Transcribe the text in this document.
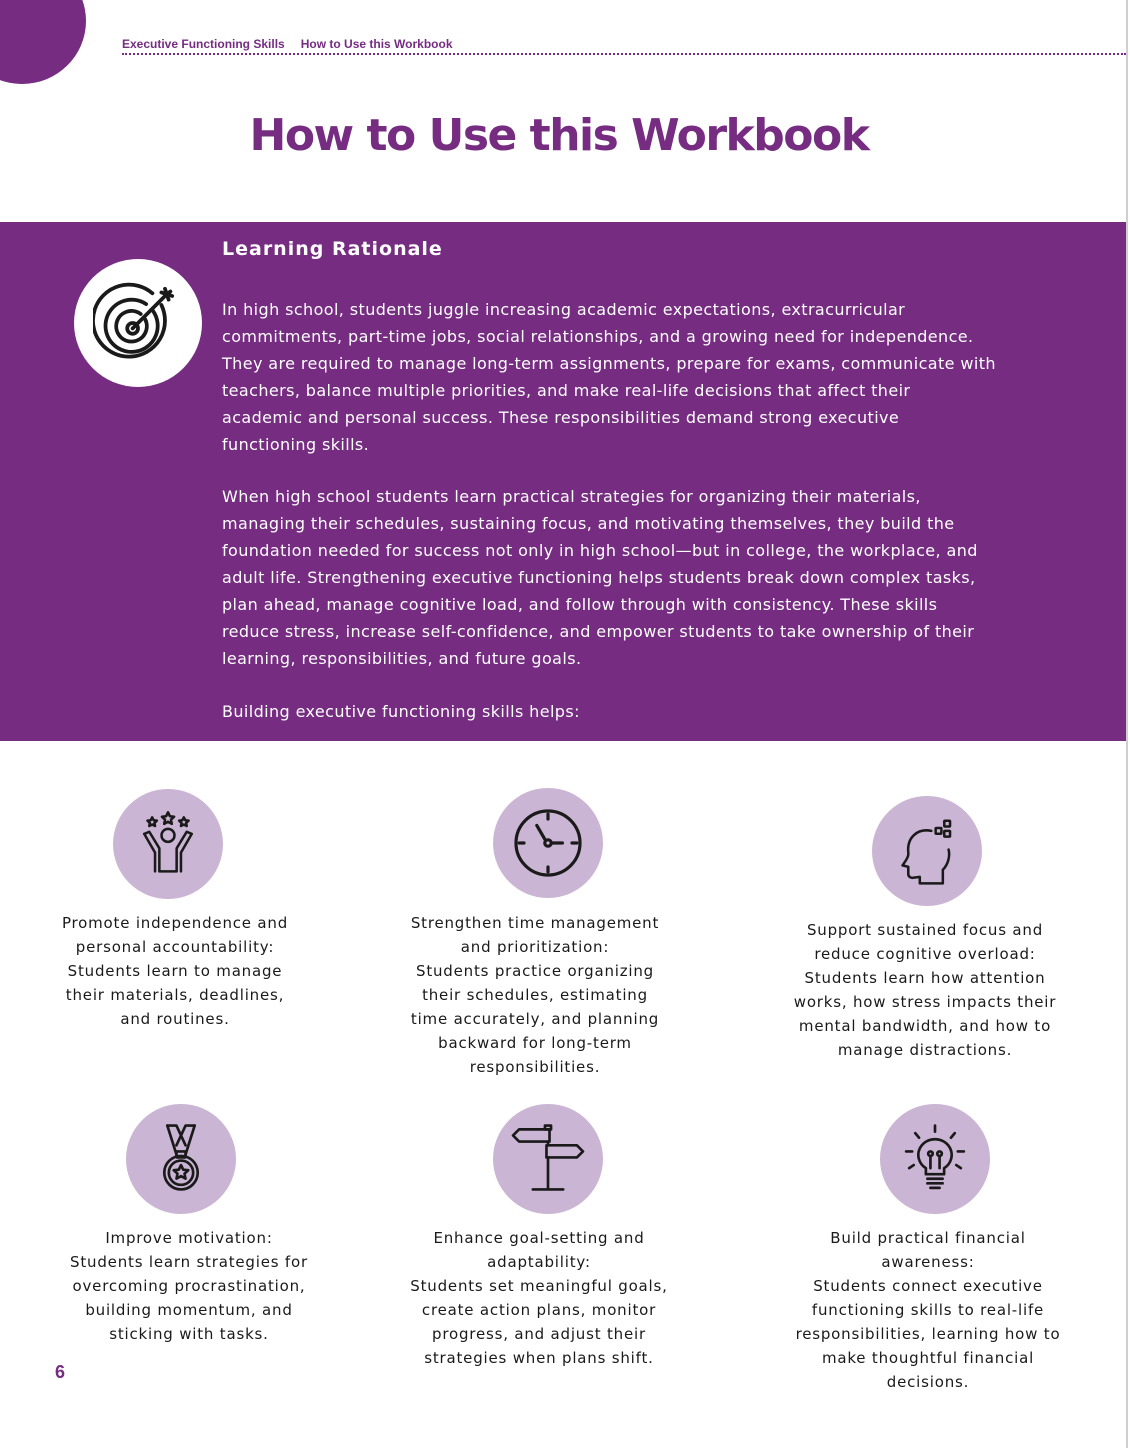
Executive Functioning Skills How to Use this Workbook
How to Use this Workbook
Learning Rationale
In high school, students juggle increasing academic expectations, extracurricular
commitments, part-time jobs, social relationships, and a growing need for independence.
They are required to manage long-term assignments, prepare for exams, communicate with
teachers, balance multiple priorities, and make real-life decisions that affect their
academic and personal success. These responsibilities demand strong executive
functioning skills.
When high school students learn practical strategies for organizing their materials,
managing their schedules, sustaining focus, and motivating themselves, they build the
foundation needed for success not only in high school—but in college, the workplace, and
adult life. Strengthening executive functioning helps students break down complex tasks,
plan ahead, manage cognitive load, and follow through with consistency. These skills
reduce stress, increase self-confidence, and empower students to take ownership of their
learning, responsibilities, and future goals.
Building executive functioning skills helps:
Promote independence and
personal accountability:
Students learn to manage
their materials, deadlines,
and routines.
Strengthen time management
and prioritization:
Students practice organizing
their schedules, estimating
time accurately, and planning
backward for long-term
responsibilities.
Support sustained focus and
reduce cognitive overload:
Students learn how attention
works, how stress impacts their
mental bandwidth, and how to
manage distractions.
Improve motivation:
Students learn strategies for
overcoming procrastination,
building momentum, and
sticking with tasks.
Enhance goal-setting and
adaptability:
Students set meaningful goals,
create action plans, monitor
progress, and adjust their
strategies when plans shift.
Build practical financial
awareness:
Students connect executive
functioning skills to real-life
responsibilities, learning how to
make thoughtful financial
decisions.
6
